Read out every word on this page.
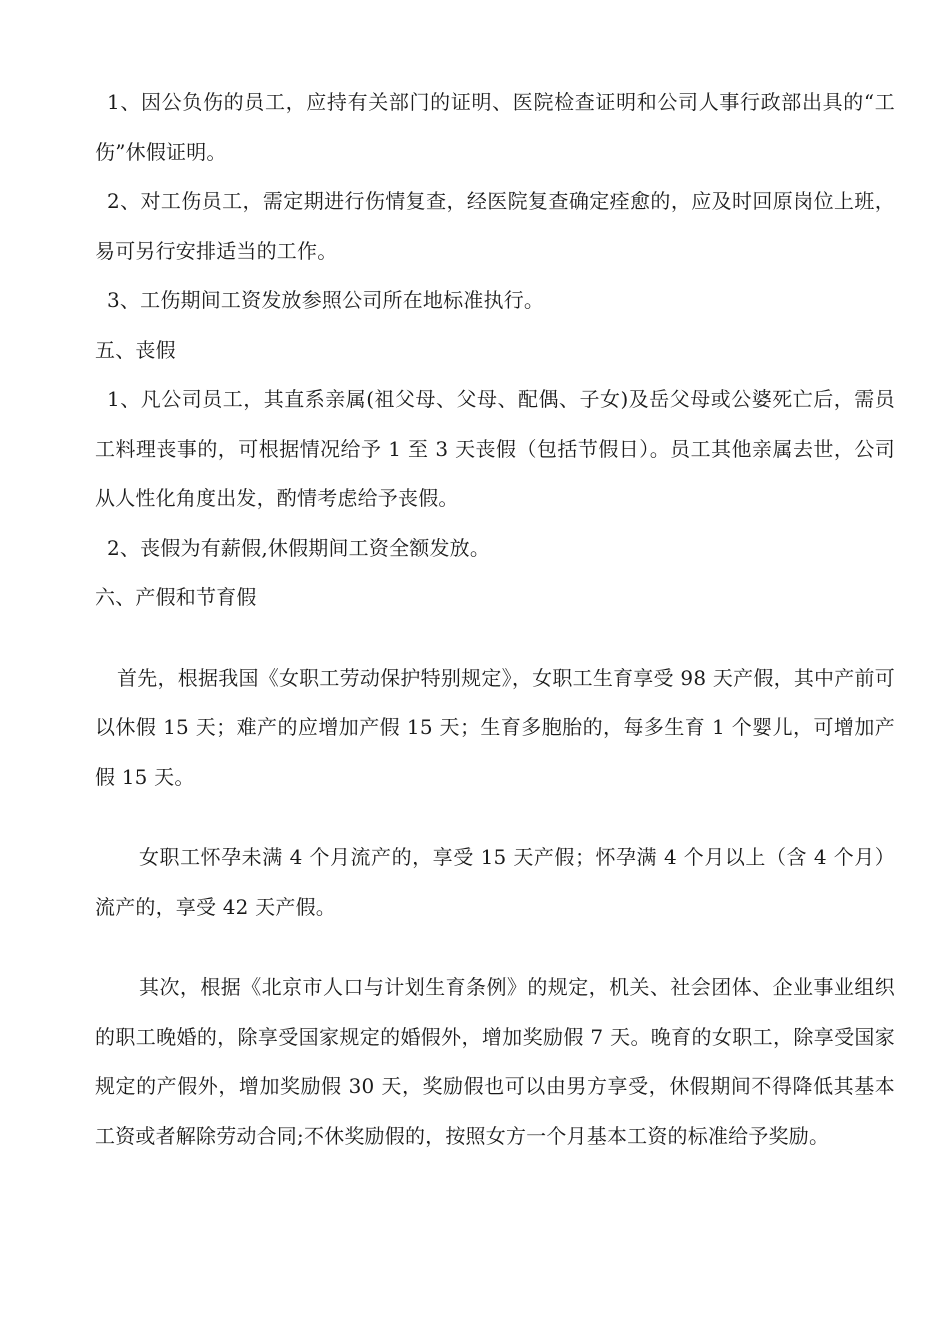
1、因公负伤的员工，应持有关部门的证明、医院检查证明和公司人事行政部出具的“工伤”休假证明。

2、对工伤员工，需定期进行伤情复查，经医院复查确定痊愈的，应及时回原岗位上班，易可另行安排适当的工作。

3、工伤期间工资发放参照公司所在地标准执行。

五、丧假

1、凡公司员工，其直系亲属(祖父母、父母、配偶、子女)及岳父母或公婆死亡后，需员工料理丧事的，可根据情况给予 1 至 3 天丧假（包括节假日）。员工其他亲属去世，公司从人性化角度出发，酌情考虑给予丧假。

2、丧假为有薪假,休假期间工资全额发放。

六、产假和节育假

首先，根据我国《女职工劳动保护特别规定》，女职工生育享受 98 天产假，其中产前可以休假 15 天；难产的应增加产假 15 天；生育多胞胎的，每多生育 1 个婴儿，可增加产假 15 天。

女职工怀孕未满 4 个月流产的，享受 15 天产假；怀孕满 4 个月以上（含 4 个月）流产的，享受 42 天产假。

其次，根据《北京市人口与计划生育条例》的规定，机关、社会团体、企业事业组织的职工晚婚的，除享受国家规定的婚假外，增加奖励假 7 天。晚育的女职工，除享受国家规定的产假外，增加奖励假 30 天，奖励假也可以由男方享受，休假期间不得降低其基本工资或者解除劳动合同;不休奖励假的，按照女方一个月基本工资的标准给予奖励。
